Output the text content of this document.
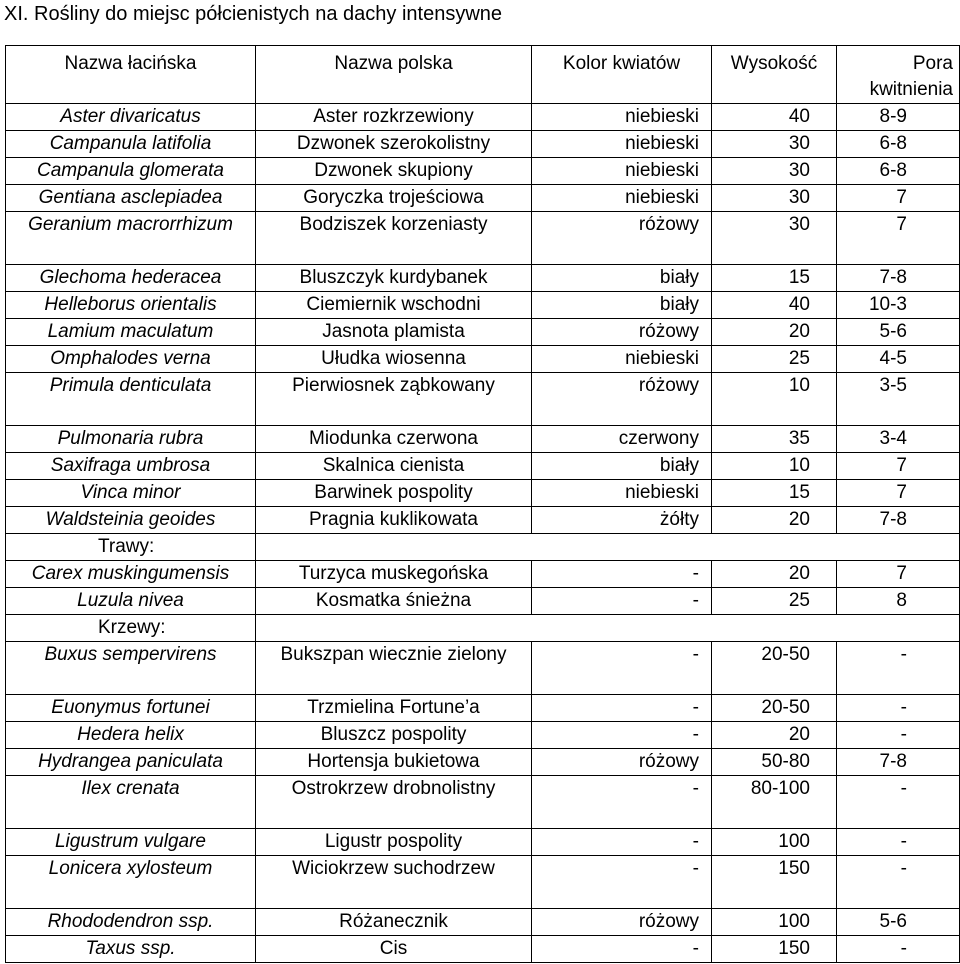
XI. Rośliny do miejsc półcienistych na dachy intensywne
Nazwa łacińska	Nazwa polska	Kolor kwiatów	Wysokość	Pora kwitnienia
Aster divaricatus	Aster rozkrzewiony	niebieski	40	8-9
Campanula latifolia	Dzwonek szerokolistny	niebieski	30	6-8
Campanula glomerata	Dzwonek skupiony	niebieski	30	6-8
Gentiana asclepiadea	Goryczka trojeściowa	niebieski	30	7
Geranium macrorrhizum	Bodziszek korzeniasty	różowy	30	7
Glechoma hederacea	Bluszczyk kurdybanek	biały	15	7-8
Helleborus orientalis	Ciemiernik wschodni	biały	40	10-3
Lamium maculatum	Jasnota plamista	różowy	20	5-6
Omphalodes verna	Ułudka wiosenna	niebieski	25	4-5
Primula denticulata	Pierwiosnek ząbkowany	różowy	10	3-5
Pulmonaria rubra	Miodunka czerwona	czerwony	35	3-4
Saxifraga umbrosa	Skalnica cienista	biały	10	7
Vinca minor	Barwinek pospolity	niebieski	15	7
Waldsteinia geoides	Pragnia kuklikowata	żółty	20	7-8
Trawy:				
Carex muskingumensis	Turzyca muskegońska	-	20	7
Luzula nivea	Kosmatka śnieżna	-	25	8
Krzewy:				
Buxus sempervirens	Bukszpan wiecznie zielony	-	20-50	-
Euonymus fortunei	Trzmielina Fortune’a	-	20-50	-
Hedera helix	Bluszcz pospolity	-	20	-
Hydrangea paniculata	Hortensja bukietowa	różowy	50-80	7-8
Ilex crenata	Ostrokrzew drobnolistny	-	80-100	-
Ligustrum vulgare	Ligustr pospolity	-	100	-
Lonicera xylosteum	Wiciokrzew suchodrzew	-	150	-
Rhododendron ssp.	Różanecznik	różowy	100	5-6
Taxus ssp.	Cis	-	150	-
